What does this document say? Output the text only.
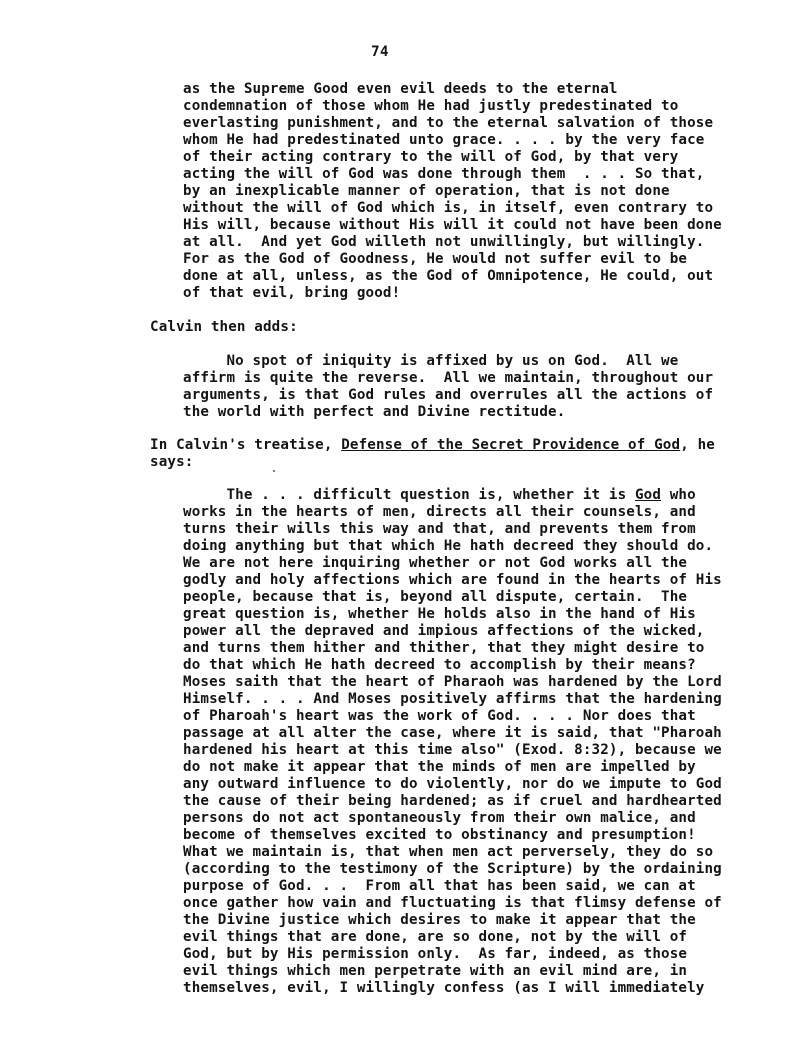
74
as the Supreme Good even evil deeds to the eternal
condemnation of those whom He had justly predestinated to
everlasting punishment, and to the eternal salvation of those
whom He had predestinated unto grace. . . . by the very face
of their acting contrary to the will of God, by that very
acting the will of God was done through them  . . . So that,
by an inexplicable manner of operation, that is not done
without the will of God which is, in itself, even contrary to
His will, because without His will it could not have been done
at all.  And yet God willeth not unwillingly, but willingly.
For as the God of Goodness, He would not suffer evil to be
done at all, unless, as the God of Omnipotence, He could, out
of that evil, bring good!
Calvin then adds:
No spot of iniquity is affixed by us on God.  All we
affirm is quite the reverse.  All we maintain, throughout our
arguments, is that God rules and overrules all the actions of
the world with perfect and Divine rectitude.
In Calvin's treatise, Defense of the Secret Providence of God, he
says:
The . . . difficult question is, whether it is God who
works in the hearts of men, directs all their counsels, and
turns their wills this way and that, and prevents them from
doing anything but that which He hath decreed they should do.
We are not here inquiring whether or not God works all the
godly and holy affections which are found in the hearts of His
people, because that is, beyond all dispute, certain.  The
great question is, whether He holds also in the hand of His
power all the depraved and impious affections of the wicked,
and turns them hither and thither, that they might desire to
do that which He hath decreed to accomplish by their means?
Moses saith that the heart of Pharaoh was hardened by the Lord
Himself. . . . And Moses positively affirms that the hardening
of Pharoah's heart was the work of God. . . . Nor does that
passage at all alter the case, where it is said, that "Pharoah
hardened his heart at this time also" (Exod. 8:32), because we
do not make it appear that the minds of men are impelled by
any outward influence to do violently, nor do we impute to God
the cause of their being hardened; as if cruel and hardhearted
persons do not act spontaneously from their own malice, and
become of themselves excited to obstinancy and presumption!
What we maintain is, that when men act perversely, they do so
(according to the testimony of the Scripture) by the ordaining
purpose of God. . .  From all that has been said, we can at
once gather how vain and fluctuating is that flimsy defense of
the Divine justice which desires to make it appear that the
evil things that are done, are so done, not by the will of
God, but by His permission only.  As far, indeed, as those
evil things which men perpetrate with an evil mind are, in
themselves, evil, I willingly confess (as I will immediately
